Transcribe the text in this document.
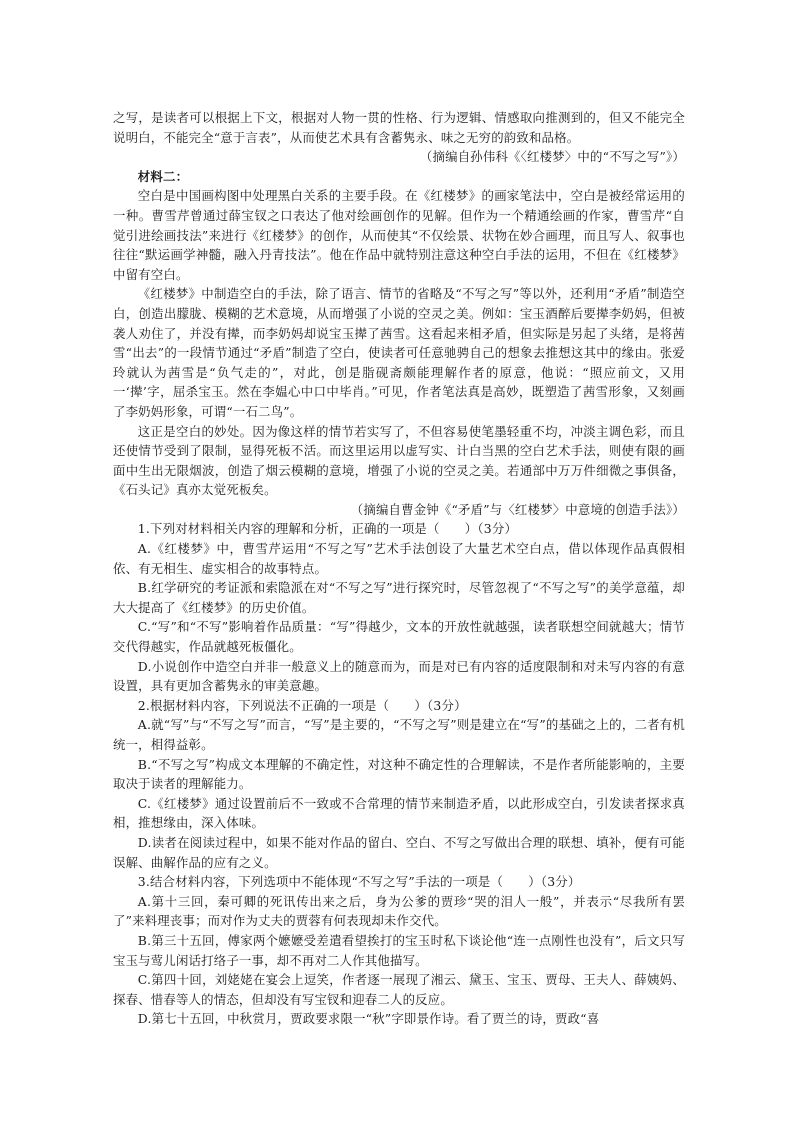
之写，是读者可以根据上下文，根据对人物一贯的性格、行为逻辑、情感取向推测到的，但又不能完全说明白，不能完全“意于言表”，从而使艺术具有含蓄隽永、味之无穷的韵致和品格。

（摘编自孙伟科《〈红楼梦〉中的“不写之写”》）

材料二：

空白是中国画构图中处理黑白关系的主要手段。在《红楼梦》的画家笔法中，空白是被经常运用的一种。曹雪芹曾通过薛宝钗之口表达了他对绘画创作的见解。但作为一个精通绘画的作家，曹雪芹“自觉引进绘画技法”来进行《红楼梦》的创作，从而使其“不仅绘景、状物在妙合画理，而且写人、叙事也往往“默运画学神髓，融入丹青技法”。他在作品中就特别注意这种空白手法的运用，不但在《红楼梦》中留有空白。

《红楼梦》中制造空白的手法，除了语言、情节的省略及“不写之写”等以外，还利用“矛盾”制造空白，创造出朦胧、模糊的艺术意境，从而增强了小说的空灵之美。例如：宝玉酒醉后要撵李奶妈，但被袭人劝住了，并没有撵，而李奶妈却说宝玉撵了茜雪。这看起来相矛盾，但实际是另起了头绪，是将茜雪“出去”的一段情节通过“矛盾”制造了空白，使读者可任意驰骋自己的想象去推想这其中的缘由。张爱玲就认为茜雪是“负气走的”，对此，创是脂砚斋颇能理解作者的原意，他说：“照应前文，又用一‘撵’字，屈杀宝玉。然在李媪心中口中毕肖。”可见，作者笔法真是高妙，既塑造了茜雪形象，又刻画了李奶妈形象，可谓“一石二鸟”。

这正是空白的妙处。因为像这样的情节若实写了，不但容易使笔墨轻重不均，冲淡主调色彩，而且还使情节受到了限制，显得死板不活。而这里运用以虚写实、计白当黑的空白艺术手法，则使有限的画面中生出无限烟波，创造了烟云模糊的意境，增强了小说的空灵之美。若通部中万万件细微之事俱备，《石头记》真亦太觉死板矣。

（摘编自曹金钟《“矛盾”与〈红楼梦〉中意境的创造手法》）

1.下列对材料相关内容的理解和分析，正确的一项是（　　）（3分）

A.《红楼梦》中，曹雪芹运用“不写之写”艺术手法创设了大量艺术空白点，借以体现作品真假相依、有无相生、虚实相合的故事特点。

B.红学研究的考证派和索隐派在对“不写之写”进行探究时，尽管忽视了“不写之写”的美学意蕴，却大大提高了《红楼梦》的历史价值。

C.“写”和“不写”影响着作品质量：“写”得越少，文本的开放性就越强，读者联想空间就越大；情节交代得越实，作品就越死板僵化。

D.小说创作中造空白并非一般意义上的随意而为，而是对已有内容的适度限制和对未写内容的有意设置，具有更加含蓄隽永的审美意趣。

2.根据材料内容，下列说法不正确的一项是（　　）（3分）

A.就“写”与“不写之写”而言，“写”是主要的，“不写之写”则是建立在“写”的基础之上的，二者有机统一，相得益彰。

B.“不写之写”构成文本理解的不确定性，对这种不确定性的合理解读，不是作者所能影响的，主要取决于读者的理解能力。

C.《红楼梦》通过设置前后不一致或不合常理的情节来制造矛盾，以此形成空白，引发读者探求真相，推想缘由，深入体味。

D.读者在阅读过程中，如果不能对作品的留白、空白、不写之写做出合理的联想、填补，便有可能误解、曲解作品的应有之义。

3.结合材料内容，下列选项中不能体现“不写之写”手法的一项是（　　）（3分）

A.第十三回，秦可卿的死讯传出来之后，身为公爹的贾珍“哭的泪人一般”，并表示“尽我所有罢了”来料理丧事；而对作为丈夫的贾蓉有何表现却未作交代。

B.第三十五回，傅家两个嬷嬷受差遣看望挨打的宝玉时私下谈论他“连一点刚性也没有”，后文只写宝玉与莺儿闲话打络子一事，却不再对二人作其他描写。

C.第四十回，刘姥姥在宴会上逗笑，作者逐一展现了湘云、黛玉、宝玉、贾母、王夫人、薛姨妈、探春、惜春等人的情态，但却没有写宝钗和迎春二人的反应。

D.第七十五回，中秋赏月，贾政要求限一“秋”字即景作诗。看了贾兰的诗，贾政“喜
